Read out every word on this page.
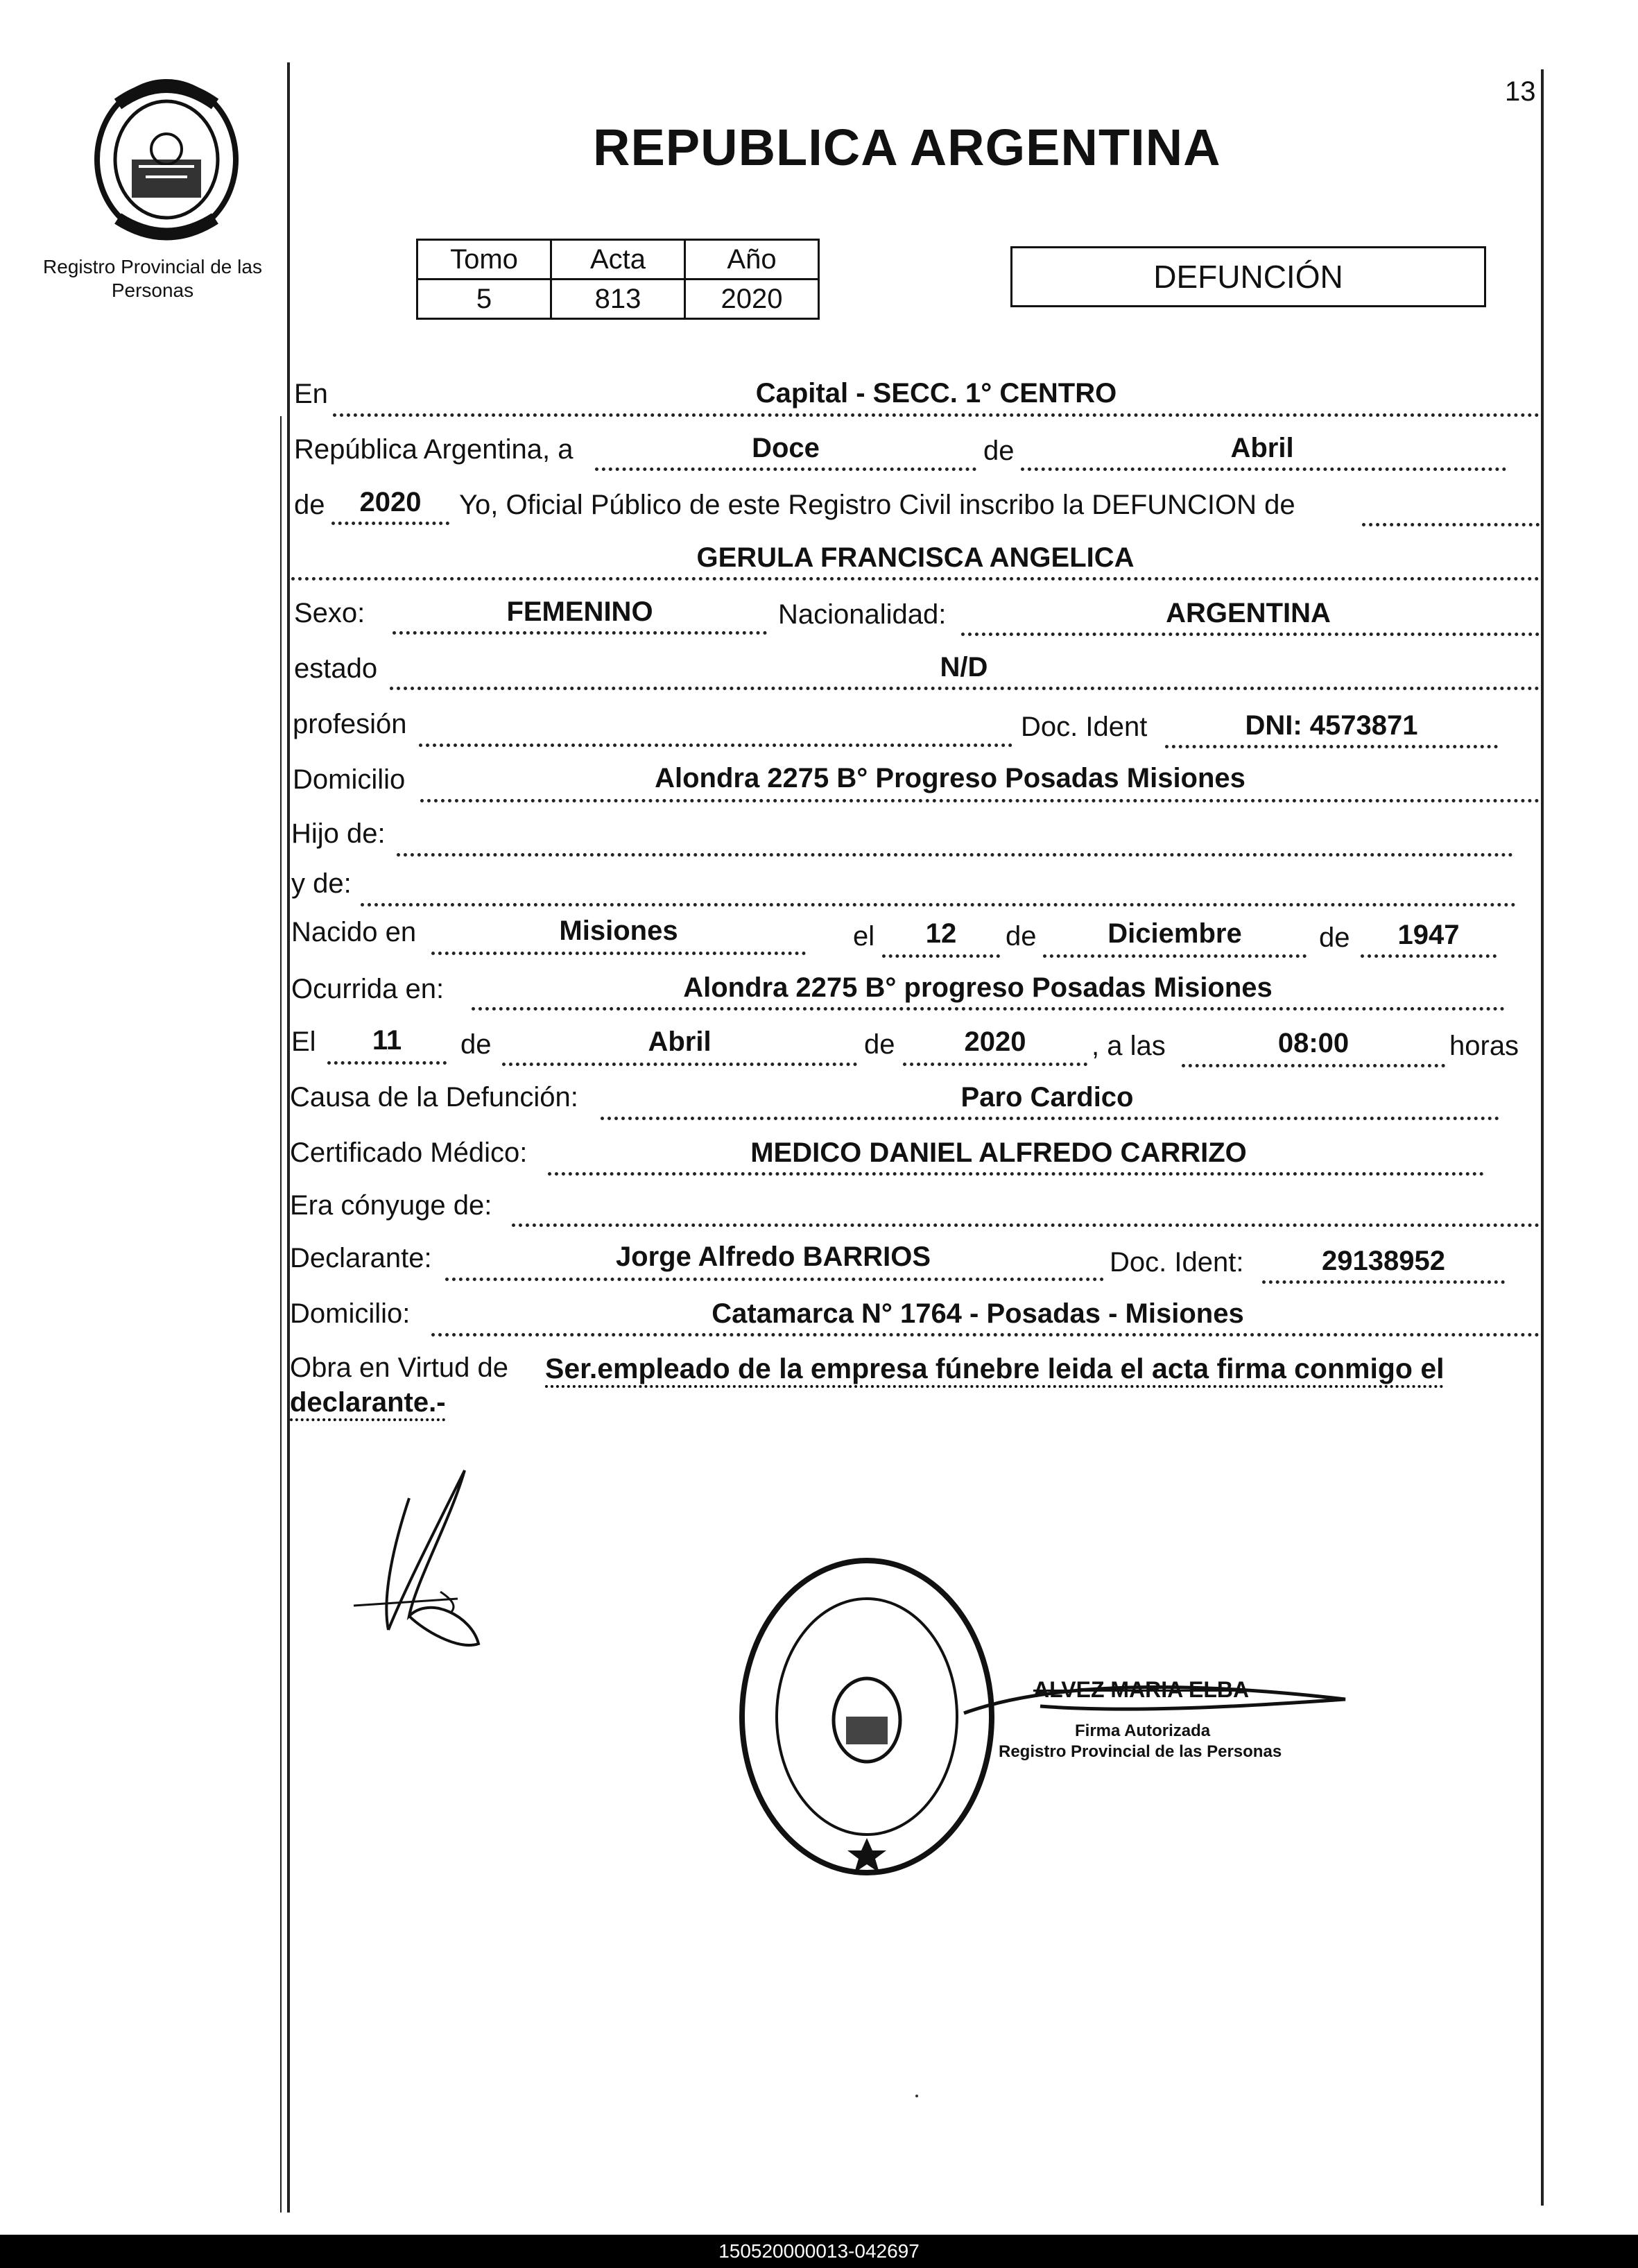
Registro Provincial de las Personas
13
REPUBLICA ARGENTINA
Tomo	Acta	Año
5	813	2020
DEFUNCIÓN
En	Capital - SECC. 1° CENTRO
República Argentina, a	Doce	de	Abril
de	2020	Yo, Oficial Público de este Registro Civil inscribo la DEFUNCION de
GERULA FRANCISCA ANGELICA
Sexo:	FEMENINO	Nacionalidad:	ARGENTINA
estado	N/D
profesión	Doc. Ident	DNI: 4573871
Domicilio	Alondra 2275 B° Progreso Posadas Misiones
Hijo de:
y de:
Nacido en	Misiones	el	12	de	Diciembre	de	1947
Ocurrida en:	Alondra 2275 B° progreso Posadas Misiones
El	11	de	Abril	de	2020	, a las	08:00	horas
Causa de la Defunción:	Paro Cardico
Certificado Médico:	MEDICO DANIEL ALFREDO CARRIZO
Era cónyuge de:
Declarante:	Jorge Alfredo BARRIOS	Doc. Ident:	29138952
Domicilio:	Catamarca N° 1764 - Posadas - Misiones
Obra en Virtud de Ser.empleado de la empresa fúnebre leida el acta firma conmigo el
declarante.-
ALVEZ MARIA ELBA
Firma Autorizada
Registro Provincial de las Personas
150520000013-042697
